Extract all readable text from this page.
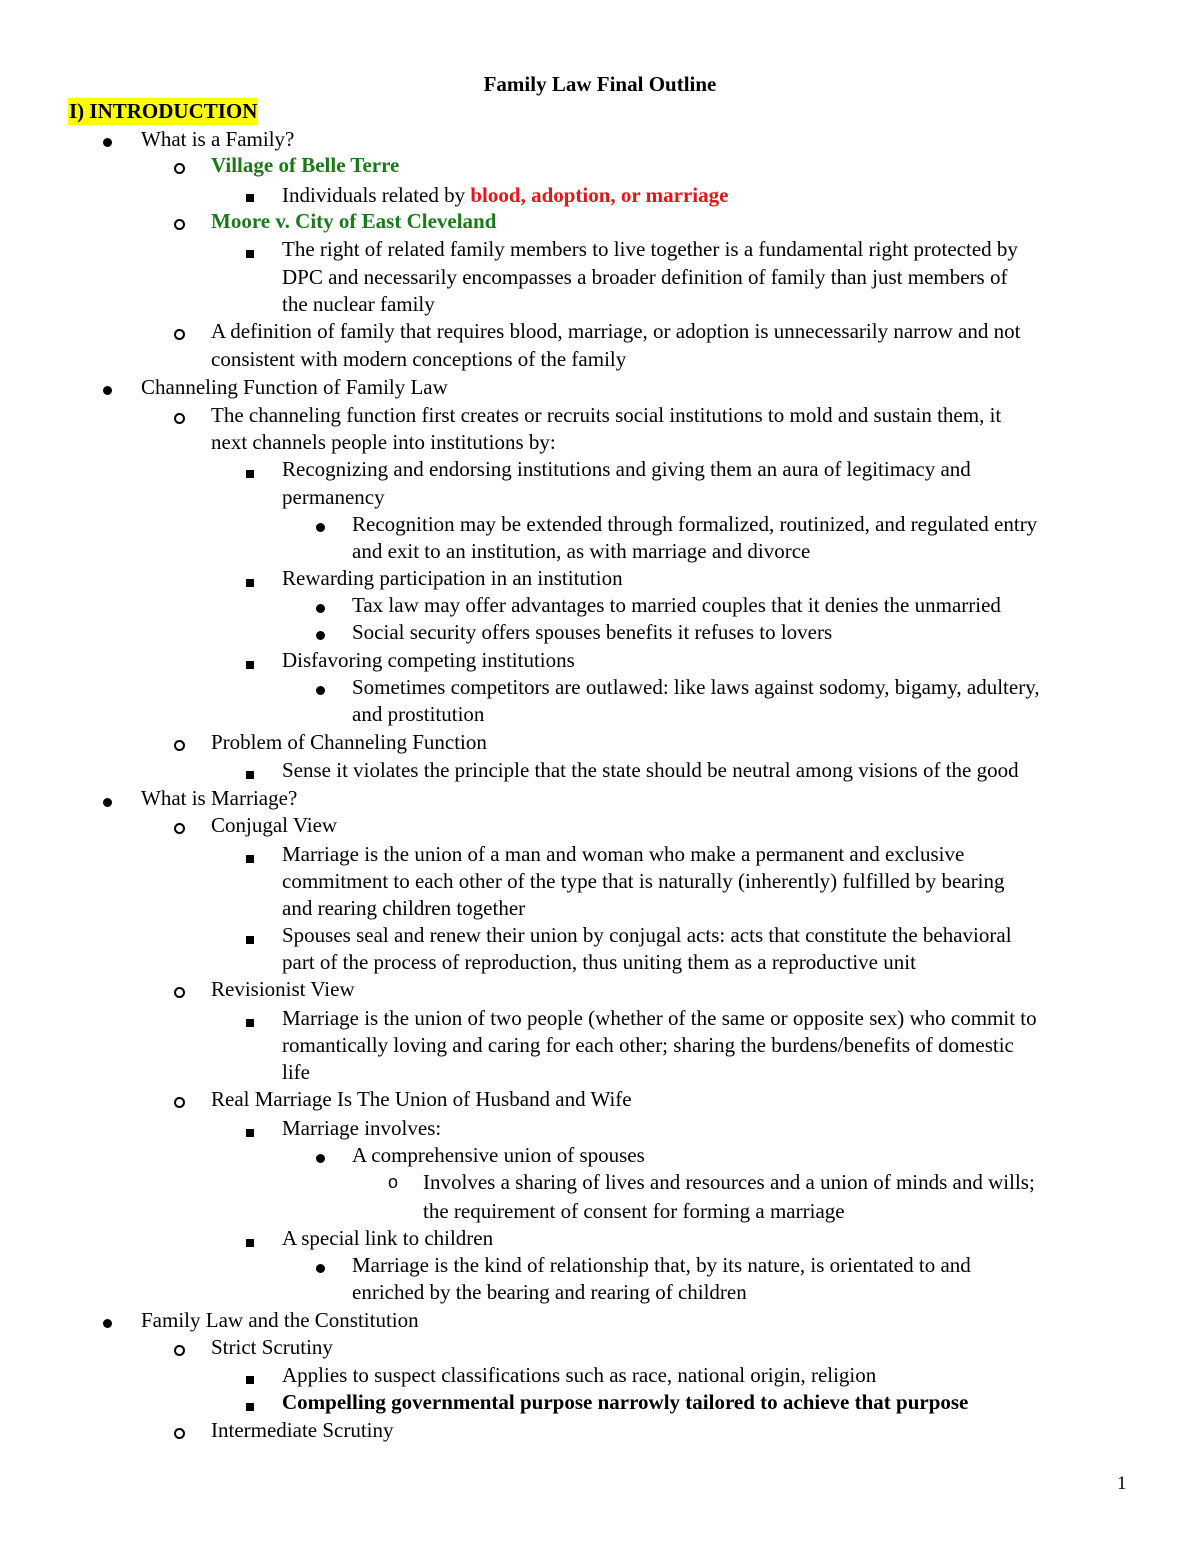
Family Law Final Outline
I) INTRODUCTION
What is a Family?
Village of Belle Terre
Individuals related by blood, adoption, or marriage
Moore v. City of East Cleveland
The right of related family members to live together is a fundamental right protected by
DPC and necessarily encompasses a broader definition of family than just members of
the nuclear family
A definition of family that requires blood, marriage, or adoption is unnecessarily narrow and not
consistent with modern conceptions of the family
Channeling Function of Family Law
The channeling function first creates or recruits social institutions to mold and sustain them, it
next channels people into institutions by:
Recognizing and endorsing institutions and giving them an aura of legitimacy and
permanency
Recognition may be extended through formalized, routinized, and regulated entry
and exit to an institution, as with marriage and divorce
Rewarding participation in an institution
Tax law may offer advantages to married couples that it denies the unmarried
Social security offers spouses benefits it refuses to lovers
Disfavoring competing institutions
Sometimes competitors are outlawed: like laws against sodomy, bigamy, adultery,
and prostitution
Problem of Channeling Function
Sense it violates the principle that the state should be neutral among visions of the good
What is Marriage?
Conjugal View
Marriage is the union of a man and woman who make a permanent and exclusive
commitment to each other of the type that is naturally (inherently) fulfilled by bearing
and rearing children together
Spouses seal and renew their union by conjugal acts: acts that constitute the behavioral
part of the process of reproduction, thus uniting them as a reproductive unit
Revisionist View
Marriage is the union of two people (whether of the same or opposite sex) who commit to
romantically loving and caring for each other; sharing the burdens/benefits of domestic
life
Real Marriage Is The Union of Husband and Wife
Marriage involves:
A comprehensive union of spouses
o Involves a sharing of lives and resources and a union of minds and wills;
the requirement of consent for forming a marriage
A special link to children
Marriage is the kind of relationship that, by its nature, is orientated to and
enriched by the bearing and rearing of children
Family Law and the Constitution
Strict Scrutiny
Applies to suspect classifications such as race, national origin, religion
Compelling governmental purpose narrowly tailored to achieve that purpose
Intermediate Scrutiny
1
